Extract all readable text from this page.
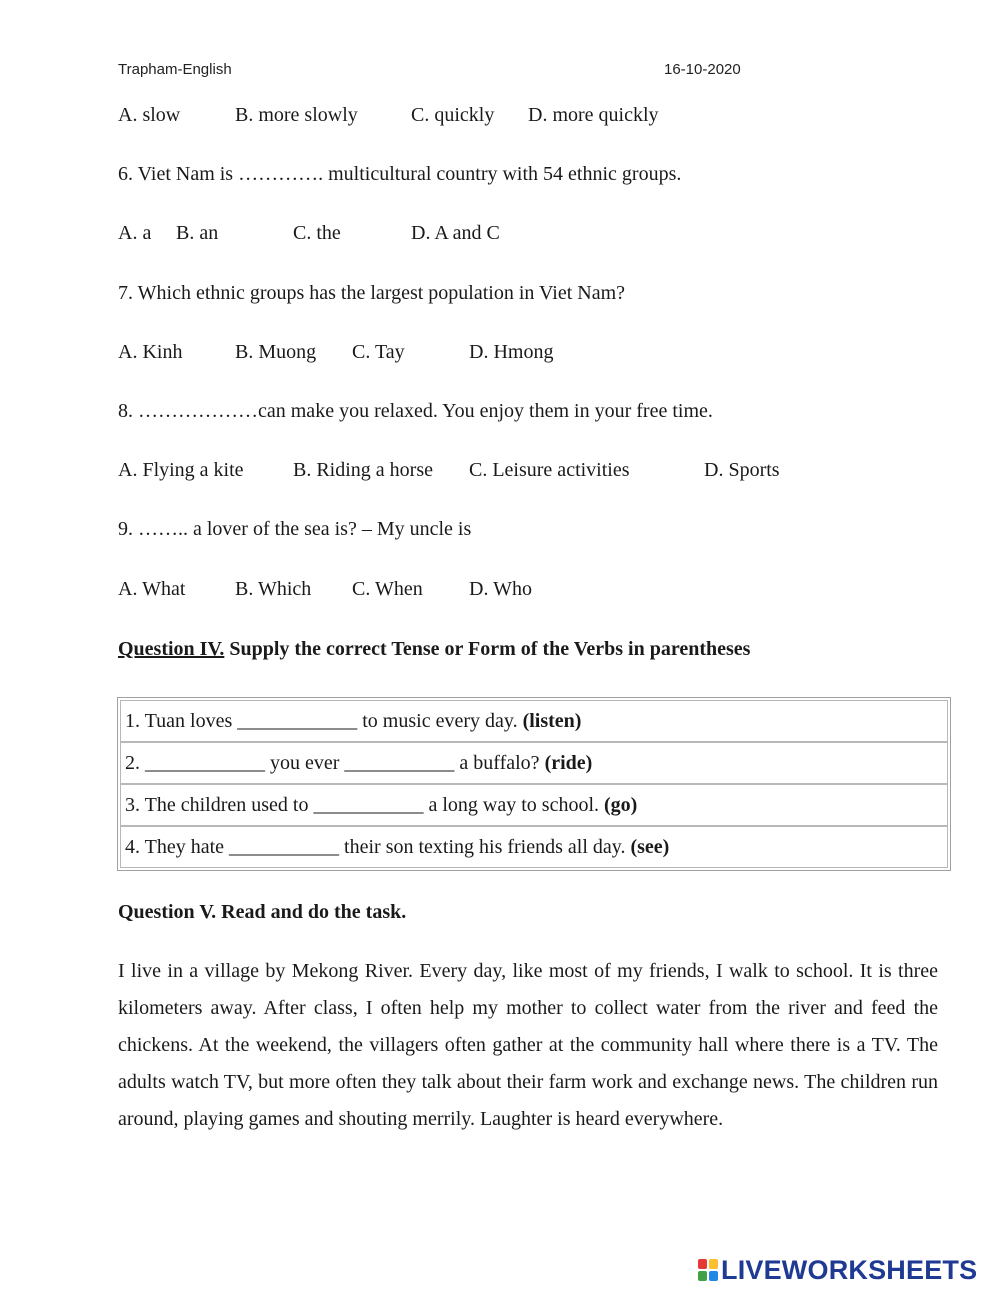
Trapham-English	16-10-2020
A. slow	B. more slowly	C. quickly D. more quickly
6. Viet Nam is …………. multicultural country with 54 ethnic groups.
A. a B. an	C. the	D. A and C
7. Which ethnic groups has the largest population in Viet Nam?
A. Kinh	B. Muong C. Tay	D. Hmong
8. ………………can make you relaxed. You enjoy them in your free time.
A. Flying a kite B. Riding a horse C. Leisure activities	D. Sports
9. …….. a lover of the sea is? – My uncle is
A. What B. Which C. When D. Who
Question IV. Supply the correct Tense or Form of the Verbs in parentheses
1. Tuan loves ____________ to music every day. (listen)
2. ____________ you ever ___________ a buffalo? (ride)
3. The children used to ___________ a long way to school. (go)
4. They hate ___________ their son texting his friends all day. (see)
Question V. Read and do the task.
I live in a village by Mekong River. Every day, like most of my friends, I walk to school. It is three kilometers away. After class, I often help my mother to collect water from the river and feed the chickens. At the weekend, the villagers often gather at the community hall where there is a TV. The adults watch TV, but more often they talk about their farm work and exchange news. The children run around, playing games and shouting merrily. Laughter is heard everywhere.
LIVEWORKSHEETS
